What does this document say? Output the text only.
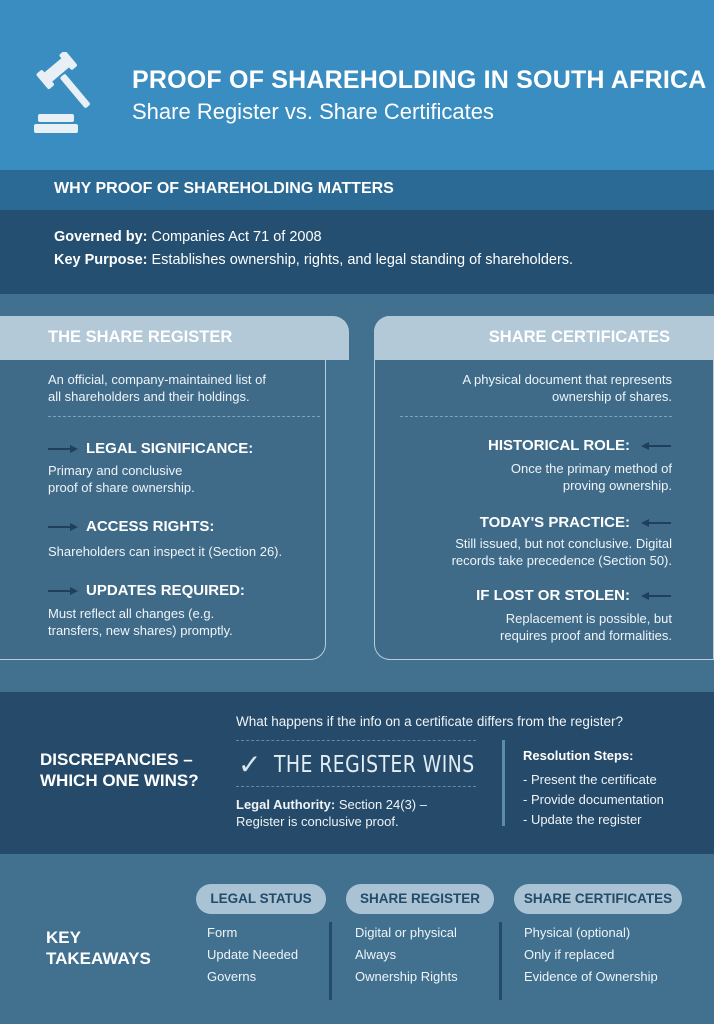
PROOF OF SHAREHOLDING IN SOUTH AFRICA
Share Register vs. Share Certificates
WHY PROOF OF SHAREHOLDING MATTERS
Governed by: Companies Act 71 of 2008
Key Purpose: Establishes ownership, rights, and legal standing of shareholders.
THE SHARE REGISTER
An official, company-maintained list of
all shareholders and their holdings.
LEGAL SIGNIFICANCE:
Primary and conclusive
proof of share ownership.
ACCESS RIGHTS:
Shareholders can inspect it (Section 26).
UPDATES REQUIRED:
Must reflect all changes (e.g.
transfers, new shares) promptly.
SHARE CERTIFICATES
A physical document that represents
ownership of shares.
HISTORICAL ROLE:
Once the primary method of
proving ownership.
TODAY'S PRACTICE:
Still issued, but not conclusive. Digital
records take precedence (Section 50).
IF LOST OR STOLEN:
Replacement is possible, but
requires proof and formalities.
DISCREPANCIES –
WHICH ONE WINS?
What happens if the info on a certificate differs from the register?
✓ THE REGISTER WINS
Legal Authority: Section 24(3) –
Register is conclusive proof.
Resolution Steps:
- Present the certificate
- Provide documentation
- Update the register
KEY
TAKEAWAYS
LEGAL STATUS	SHARE REGISTER	SHARE CERTIFICATES
Form
Update Needed
Governs
Digital or physical
Always
Ownership Rights
Physical (optional)
Only if replaced
Evidence of Ownership
